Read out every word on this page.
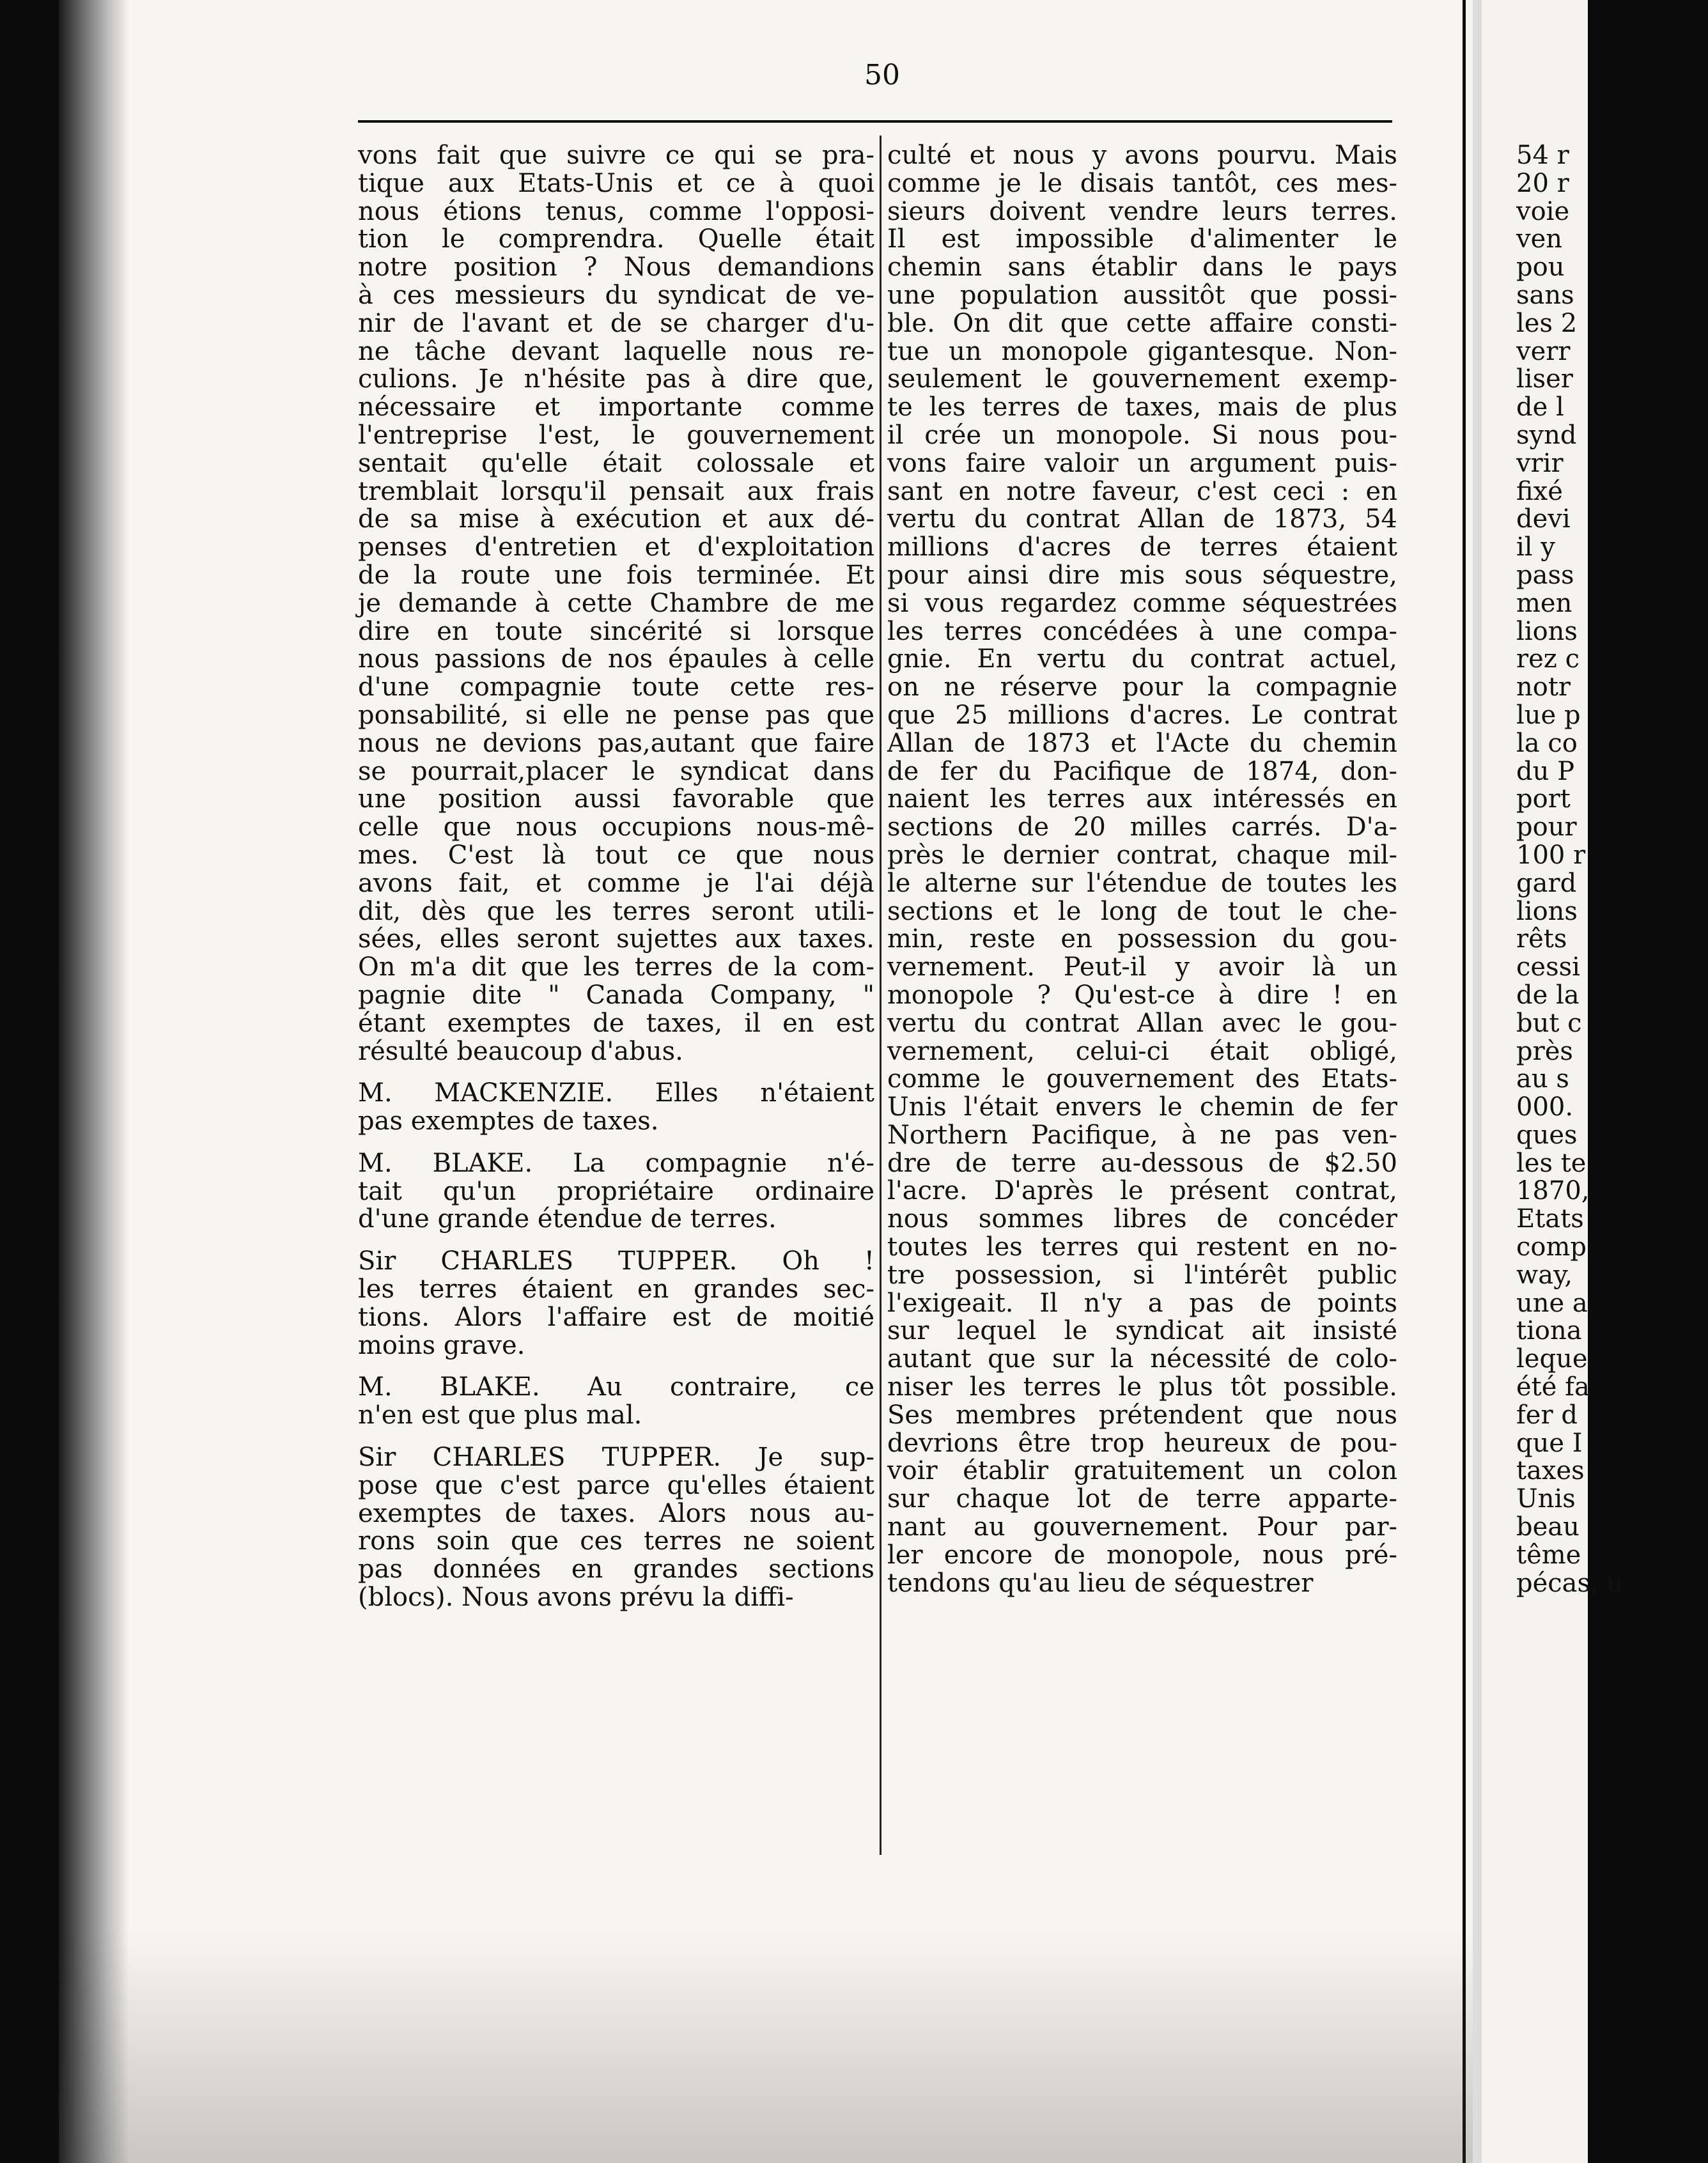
50
vons fait que suivre ce qui se pra-
tique aux Etats-Unis et ce à quoi
nous étions tenus, comme l'opposi-
tion le comprendra. Quelle était
notre position ? Nous demandions
à ces messieurs du syndicat de ve-
nir de l'avant et de se charger d'u-
ne tâche devant laquelle nous re-
culions. Je n'hésite pas à dire que,
nécessaire et importante comme
l'entreprise l'est, le gouvernement
sentait qu'elle était colossale et
tremblait lorsqu'il pensait aux frais
de sa mise à exécution et aux dé-
penses d'entretien et d'exploitation
de la route une fois terminée. Et
je demande à cette Chambre de me
dire en toute sincérité si lorsque
nous passions de nos épaules à celle
d'une compagnie toute cette res-
ponsabilité, si elle ne pense pas que
nous ne devions pas,autant que faire
se pourrait,placer le syndicat dans
une position aussi favorable que
celle que nous occupions nous-mê-
mes. C'est là tout ce que nous
avons fait, et comme je l'ai déjà
dit, dès que les terres seront utili-
sées, elles seront sujettes aux taxes.
On m'a dit que les terres de la com-
pagnie dite " Canada Company, "
étant exemptes de taxes, il en est
résulté beaucoup d'abus.
M. MACKENZIE. Elles n'étaient
pas exemptes de taxes.
M. BLAKE. La compagnie n'é-
tait qu'un propriétaire ordinaire
d'une grande étendue de terres.
Sir CHARLES TUPPER. Oh !
les terres étaient en grandes sec-
tions. Alors l'affaire est de moitié
moins grave.
M. BLAKE. Au contraire, ce
n'en est que plus mal.
Sir CHARLES TUPPER. Je sup-
pose que c'est parce qu'elles étaient
exemptes de taxes. Alors nous au-
rons soin que ces terres ne soient
pas données en grandes sections
(blocs). Nous avons prévu la diffi-
culté et nous y avons pourvu. Mais
comme je le disais tantôt, ces mes-
sieurs doivent vendre leurs terres.
Il est impossible d'alimenter le
chemin sans établir dans le pays
une population aussitôt que possi-
ble. On dit que cette affaire consti-
tue un monopole gigantesque. Non-
seulement le gouvernement exemp-
te les terres de taxes, mais de plus
il crée un monopole. Si nous pou-
vons faire valoir un argument puis-
sant en notre faveur, c'est ceci : en
vertu du contrat Allan de 1873, 54
millions d'acres de terres étaient
pour ainsi dire mis sous séquestre,
si vous regardez comme séquestrées
les terres concédées à une compa-
gnie. En vertu du contrat actuel,
on ne réserve pour la compagnie
que 25 millions d'acres. Le contrat
Allan de 1873 et l'Acte du chemin
de fer du Pacifique de 1874, don-
naient les terres aux intéressés en
sections de 20 milles carrés. D'a-
près le dernier contrat, chaque mil-
le alterne sur l'étendue de toutes les
sections et le long de tout le che-
min, reste en possession du gou-
vernement. Peut-il y avoir là un
monopole ? Qu'est-ce à dire ! en
vertu du contrat Allan avec le gou-
vernement, celui-ci était obligé,
comme le gouvernement des Etats-
Unis l'était envers le chemin de fer
Northern Pacifique, à ne pas ven-
dre de terre au-dessous de $2.50
l'acre. D'après le présent contrat,
nous sommes libres de concéder
toutes les terres qui restent en no-
tre possession, si l'intérêt public
l'exigeait. Il n'y a pas de points
sur lequel le syndicat ait insisté
autant que sur la nécessité de colo-
niser les terres le plus tôt possible.
Ses membres prétendent que nous
devrions être trop heureux de pou-
voir établir gratuitement un colon
sur chaque lot de terre apparte-
nant au gouvernement. Pour par-
ler encore de monopole, nous pré-
tendons qu'au lieu de séquestrer
54 r
20 r
voie
ven
pou
sans
les 2
verr
liser
de l
synd
vrir
fixé
devi
il y
pass
men
lions
rez c
notr
lue p
la co
du P
port
pour
100 r
gard
lions
rêts
cessi
de la
but c
près
au s
000.
ques
les te
1870,
Etats
comp
way,
une a
tiona
leque
été fa
fer d
que I
taxes
Unis
beau
tême
pécas, u
